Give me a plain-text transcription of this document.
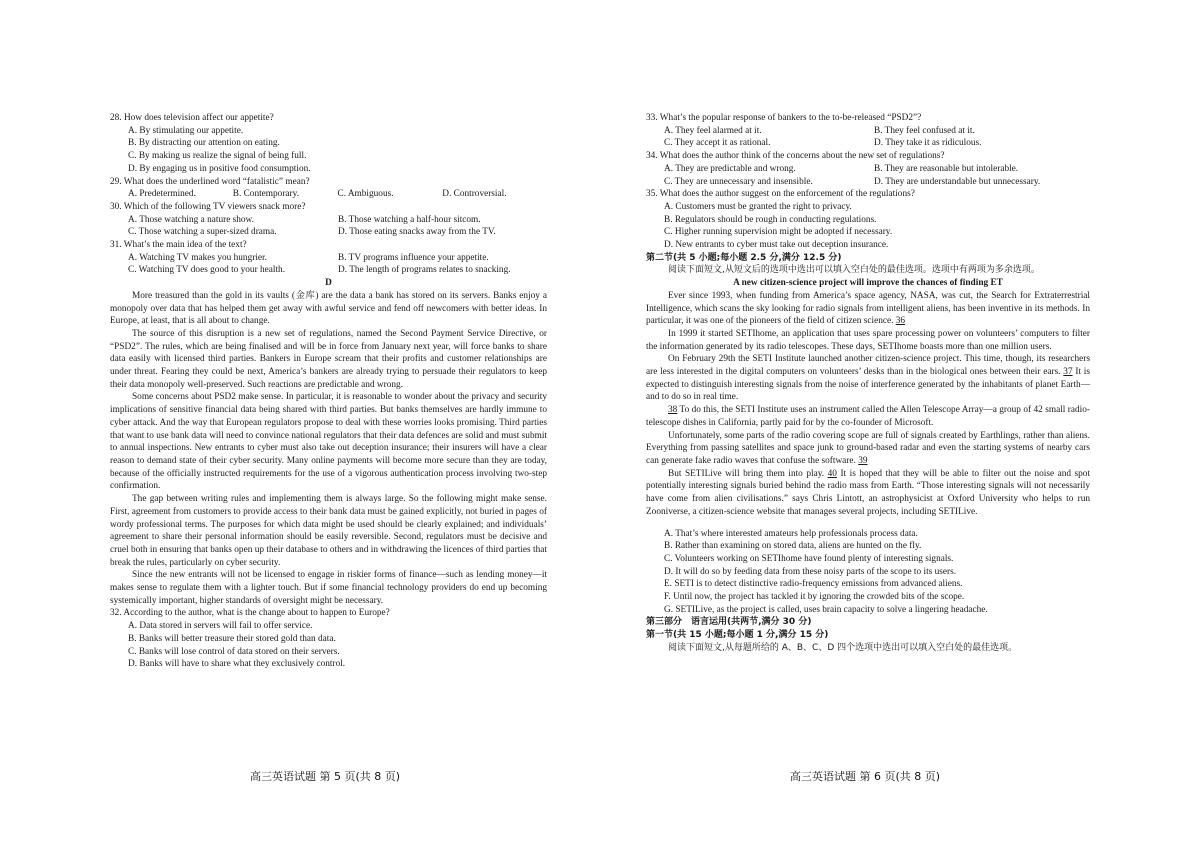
28. How does television affect our appetite?
A. By stimulating our appetite.
B. By distracting our attention on eating.
C. By making us realize the signal of being full.
D. By engaging us in positive food consumption.
29. What does the underlined word “fatalistic” mean?
A. Predetermined.	B. Contemporary.	C. Ambiguous.	D. Controversial.
30. Which of the following TV viewers snack more?
A. Those watching a nature show.	B. Those watching a half-hour sitcom.
C. Those watching a super-sized drama.	D. Those eating snacks away from the TV.
31. What’s the main idea of the text?
A. Watching TV makes you hungrier.	B. TV programs influence your appetite.
C. Watching TV does good to your health.	D. The length of programs relates to snacking.
D
More treasured than the gold in its vaults (金库) are the data a bank has stored on its servers. Banks enjoy a monopoly over data that has helped them get away with awful service and fend off newcomers with better ideas. In Europe, at least, that is all about to change.
The source of this disruption is a new set of regulations, named the Second Payment Service Directive, or “PSD2”. The rules, which are being finalised and will be in force from January next year, will force banks to share data easily with licensed third parties. Bankers in Europe scream that their profits and customer relationships are under threat. Fearing they could be next, America’s bankers are already trying to persuade their regulators to keep their data monopoly well-preserved. Such reactions are predictable and wrong.
Some concerns about PSD2 make sense. In particular, it is reasonable to wonder about the privacy and security implications of sensitive financial data being shared with third parties. But banks themselves are hardly immune to cyber attack. And the way that European regulators propose to deal with these worries looks promising. Third parties that want to use bank data will need to convince national regulators that their data defences are solid and must submit to annual inspections. New entrants to cyber must also take out deception insurance; their insurers will have a clear reason to demand state of their cyber security. Many online payments will become more secure than they are today, because of the officially instructed requirements for the use of a vigorous authentication process involving two-step confirmation.
The gap between writing rules and implementing them is always large. So the following might make sense. First, agreement from customers to provide access to their bank data must be gained explicitly, not buried in pages of wordy professional terms. The purposes for which data might be used should be clearly explained; and individuals’ agreement to share their personal information should be easily reversible. Second, regulators must be decisive and cruel both in ensuring that banks open up their database to others and in withdrawing the licences of third parties that break the rules, particularly on cyber security.
Since the new entrants will not be licensed to engage in riskier forms of finance—such as lending money—it makes sense to regulate them with a lighter touch. But if some financial technology providers do end up becoming systemically important, higher standards of oversight might be necessary.
32. According to the author, what is the change about to happen to Europe?
A. Data stored in servers will fail to offer service.
B. Banks will better treasure their stored gold than data.
C. Banks will lose control of data stored on their servers.
D. Banks will have to share what they exclusively control.
33. What’s the popular response of bankers to the to-be-released “PSD2”?
A. They feel alarmed at it.	B. They feel confused at it.
C. They accept it as rational.	D. They take it as ridiculous.
34. What does the author think of the concerns about the new set of regulations?
A. They are predictable and wrong.	B. They are reasonable but intolerable.
C. They are unnecessary and insensible.	D. They are understandable but unnecessary.
35. What does the author suggest on the enforcement of the regulations?
A. Customers must be granted the right to privacy.
B. Regulators should be rough in conducting regulations.
C. Higher running supervision might be adopted if necessary.
D. New entrants to cyber must take out deception insurance.
第二节(共 5 小题;每小题 2.5 分,满分 12.5 分)
阅读下面短文,从短文后的选项中选出可以填入空白处的最佳选项。选项中有两项为多余选项。
A new citizen-science project will improve the chances of finding ET
Ever since 1993, when funding from America’s space agency, NASA, was cut, the Search for Extraterrestrial Intelligence, which scans the sky looking for radio signals from intelligent aliens, has been inventive in its methods. In particular, it was one of the pioneers of the field of citizen science. 36
In 1999 it started SETIhome, an application that uses spare processing power on volunteers’ computers to filter the information generated by its radio telescopes. These days, SETIhome boasts more than one million users.
On February 29th the SETI Institute launched another citizen-science project. This time, though, its researchers are less interested in the digital computers on volunteers’ desks than in the biological ones between their ears. 37 It is expected to distinguish interesting signals from the noise of interference generated by the inhabitants of planet Earth—and to do so in real time.
38 To do this, the SETI Institute uses an instrument called the Allen Telescope Array—a group of 42 small radio-telescope dishes in California, partly paid for by the co-founder of Microsoft.
Unfortunately, some parts of the radio covering scope are full of signals created by Earthlings, rather than aliens. Everything from passing satellites and space junk to ground-based radar and even the starting systems of nearby cars can generate fake radio waves that confuse the software. 39
But SETILive will bring them into play. 40 It is hoped that they will be able to filter out the noise and spot potentially interesting signals buried behind the radio mass from Earth. “Those interesting signals will not necessarily have come from alien civilisations.” says Chris Lintott, an astrophysicist at Oxford University who helps to run Zooniverse, a citizen-science website that manages several projects, including SETILive.
A. That’s where interested amateurs help professionals process data.
B. Rather than examining on stored data, aliens are hunted on the fly.
C. Volunteers working on SETIhome have found plenty of interesting signals.
D. It will do so by feeding data from these noisy parts of the scope to its users.
E. SETI is to detect distinctive radio-frequency emissions from advanced aliens.
F. Until now, the project has tackled it by ignoring the crowded bits of the scope.
G. SETILive, as the project is called, uses brain capacity to solve a lingering headache.
第三部分　语言运用(共两节,满分 30 分)
第一节(共 15 小题;每小题 1 分,满分 15 分)
阅读下面短文,从每题所给的 A、B、C、D 四个选项中选出可以填入空白处的最佳选项。
高三英语试题 第 5 页(共 8 页)	高三英语试题 第 6 页(共 8 页)
